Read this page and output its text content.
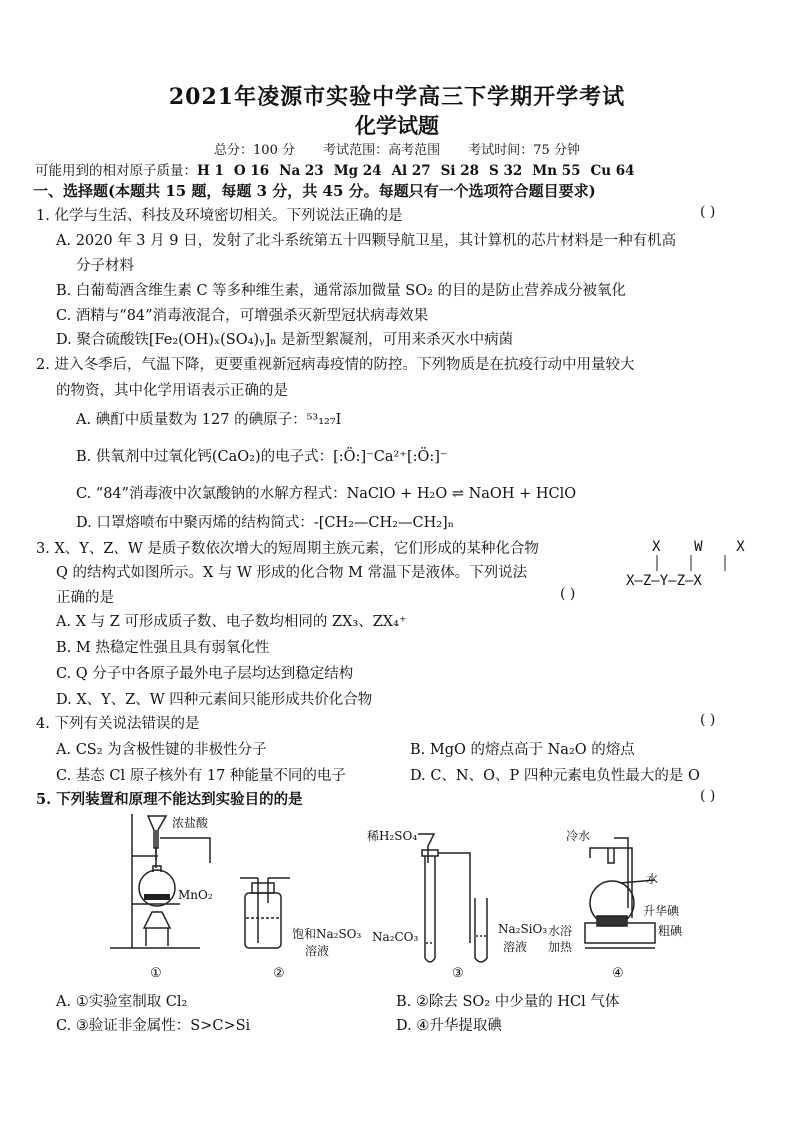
2021年凌源市实验中学高三下学期开学考试
化学试题
总分：100 分 考试范围：高考范围 考试时间：75 分钟
可能用到的相对原子质量：H 1 O 16 Na 23 Mg 24 Al 27 Si 28 S 32 Mn 55 Cu 64
一、选择题(本题共 15 题，每题 3 分，共 45 分。每题只有一个选项符合题目要求)
1. 化学与生活、科技及环境密切相关。下列说法正确的是	( )
A. 2020 年 3 月 9 日，发射了北斗系统第五十四颗导航卫星，其计算机的芯片材料是一种有机高
分子材料
B. 白葡萄酒含维生素 C 等多种维生素，通常添加微量 SO₂ 的目的是防止营养成分被氧化
C. 酒精与“84”消毒液混合，可增强杀灭新型冠状病毒效果
D. 聚合硫酸铁[Fe₂(OH)ₓ(SO₄)ᵧ]ₙ 是新型絮凝剂，可用来杀灭水中病菌
2. 进入冬季后，气温下降，更要重视新冠病毒疫情的防控。下列物质是在抗疫行动中用量较大
的物资，其中化学用语表示正确的是
A. 碘酊中质量数为 127 的碘原子：⁵³₁₂₇I
B. 供氧剂中过氧化钙(CaO₂)的电子式：[:Ö:]⁻Ca²⁺[:Ö:]⁻
C. “84”消毒液中次氯酸钠的水解方程式：NaClO + H₂O ⇌ NaOH + HClO
D. 口罩熔喷布中聚丙烯的结构简式：-[CH₂—CH₂—CH₂]ₙ
3. X、Y、Z、W 是质子数依次增大的短周期主族元素，它们形成的某种化合物
Q 的结构式如图所示。X 与 W 形成的化合物 M 常温下是液体。下列说法
正确的是	( )
A. X 与 Z 可形成质子数、电子数均相同的 ZX₃、ZX₄⁺
B. M 热稳定性强且具有弱氧化性
C. Q 分子中各原子最外电子层均达到稳定结构
D. X、Y、Z、W 四种元素间只能形成共价化合物
X    W    X
X—Z—Y—Z—X
4. 下列有关说法错误的是	( )
A. CS₂ 为含极性键的非极性分子	B. MgO 的熔点高于 Na₂O 的熔点
C. 基态 Cl 原子核外有 17 种能量不同的电子	D. C、N、O、P 四种元素电负性最大的是 O
5. 下列装置和原理不能达到实验目的的是	( )
浓盐酸
MnO₂
饱和Na₂SO₃
溶液
稀H₂SO₄
Na₂CO₃
Na₂SiO₃
溶液
冷水
水
升华碘
粗碘
水浴
加热
①	②	③	④
A. ①实验室制取 Cl₂	B. ②除去 SO₂ 中少量的 HCl 气体
C. ③验证非金属性：S>C>Si	D. ④升华提取碘
